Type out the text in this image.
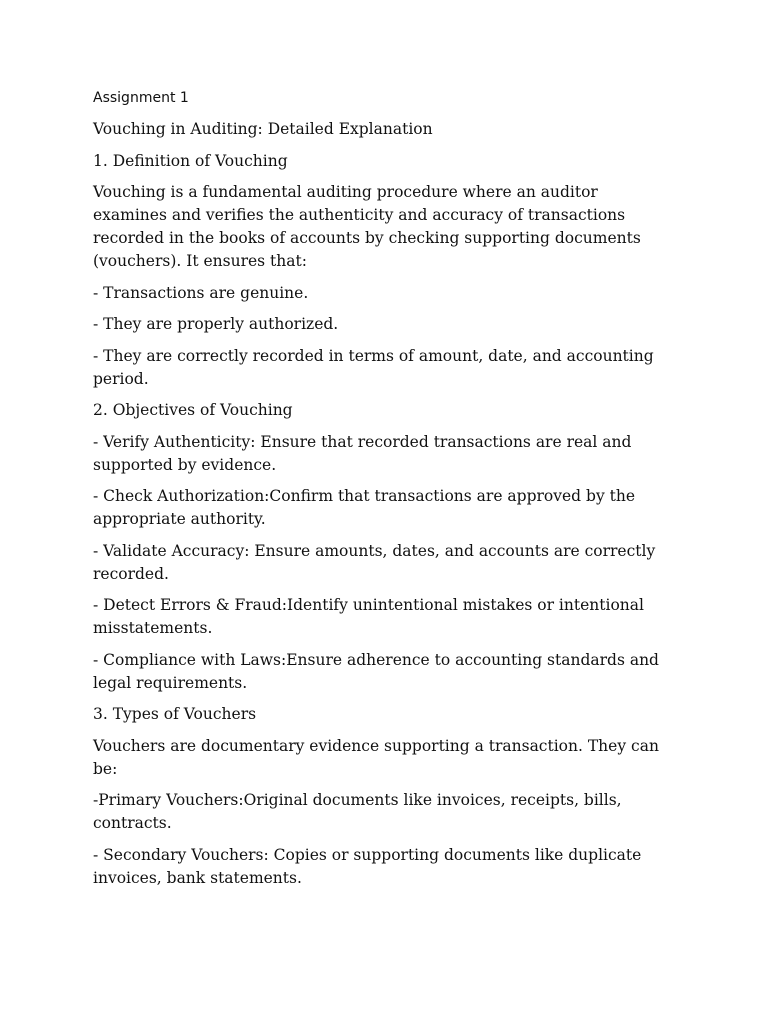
Assignment 1

Vouching in Auditing: Detailed Explanation

1. Definition of Vouching

Vouching is a fundamental auditing procedure where an auditor examines and verifies the authenticity and accuracy of transactions recorded in the books of accounts by checking supporting documents (vouchers). It ensures that:

- Transactions are genuine.

- They are properly authorized.

- They are correctly recorded in terms of amount, date, and accounting period.

2. Objectives of Vouching

- Verify Authenticity: Ensure that recorded transactions are real and supported by evidence.

- Check Authorization:Confirm that transactions are approved by the appropriate authority.

- Validate Accuracy: Ensure amounts, dates, and accounts are correctly recorded.

- Detect Errors & Fraud:Identify unintentional mistakes or intentional misstatements.

- Compliance with Laws:Ensure adherence to accounting standards and legal requirements.

3. Types of Vouchers

Vouchers are documentary evidence supporting a transaction. They can be:

-Primary Vouchers:Original documents like invoices, receipts, bills, contracts.

- Secondary Vouchers: Copies or supporting documents like duplicate invoices, bank statements.
